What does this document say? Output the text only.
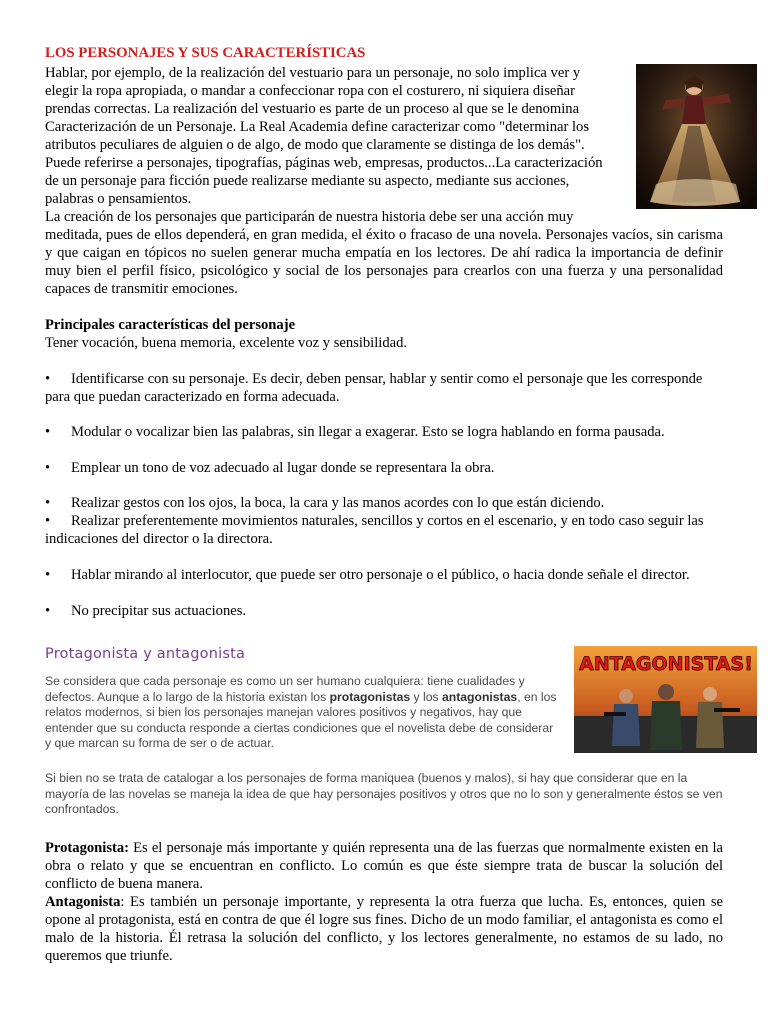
LOS PERSONAJES Y SUS CARACTERÍSTICAS
Hablar, por ejemplo, de la realización del vestuario para un personaje, no solo implica ver y
elegir la ropa apropiada, o mandar a confeccionar ropa con el costurero, ni siquiera diseñar
prendas correctas. La realización del vestuario es parte de un proceso al que se le denomina
Caracterización de un Personaje. La Real Academia define caracterizar como "determinar los
atributos peculiares de alguien o de algo, de modo que claramente se distinga de los demás".
Puede referirse a personajes, tipografías, páginas web, empresas, productos...La caracterización
de un personaje para ficción puede realizarse mediante su aspecto, mediante sus acciones,
palabras o pensamientos.
La creación de los personajes que participarán de nuestra historia debe ser una acción muy
meditada, pues de ellos dependerá, en gran medida, el éxito o fracaso de una novela. Personajes vacíos, sin carisma y que caigan en tópicos no suelen generar mucha empatía en los lectores. De ahí radica la importancia de definir muy bien el perfil físico, psicológico y social de los personajes para crearlos con una fuerza y una personalidad capaces de transmitir emociones.
Principales características del personaje
Tener vocación, buena memoria, excelente voz y sensibilidad.
• Identificarse con su personaje. Es decir, deben pensar, hablar y sentir como el personaje que les corresponde para que puedan caracterizado en forma adecuada.
• Modular o vocalizar bien las palabras, sin llegar a exagerar. Esto se logra hablando en forma pausada.
• Emplear un tono de voz adecuado al lugar donde se representara la obra.
• Realizar gestos con los ojos, la boca, la cara y las manos acordes con lo que están diciendo.
• Realizar preferentemente movimientos naturales, sencillos y cortos en el escenario, y en todo caso seguir las indicaciones del director o la directora.
• Hablar mirando al interlocutor, que puede ser otro personaje o el público, o hacia donde señale el director.
• No precipitar sus actuaciones.
Protagonista y antagonista
Se considera que cada personaje es como un ser humano cualquiera: tiene cualidades y defectos. Aunque a lo largo de la historia existan los protagonistas y los antagonistas, en los relatos modernos, si bien los personajes manejan valores positivos y negativos, hay que entender que su conducta responde a ciertas condiciones que el novelista debe de considerar y que marcan su forma de ser o de actuar.
ANTAGONISTAS!
Si bien no se trata de catalogar a los personajes de forma maniquea (buenos y malos), si hay que considerar que en la mayoría de las novelas se maneja la idea de que hay personajes positivos y otros que no lo son y generalmente éstos se ven confrontados.
Protagonista: Es el personaje más importante y quién representa una de las fuerzas que normalmente existen en la obra o relato y que se encuentran en conflicto. Lo común es que éste siempre trata de buscar la solución del conflicto de buena manera.
Antagonista: Es también un personaje importante, y representa la otra fuerza que lucha. Es, entonces, quien se opone al protagonista, está en contra de que él logre sus fines. Dicho de un modo familiar, el antagonista es como el malo de la historia. Él retrasa la solución del conflicto, y los lectores generalmente, no estamos de su lado, no queremos que triunfe.
